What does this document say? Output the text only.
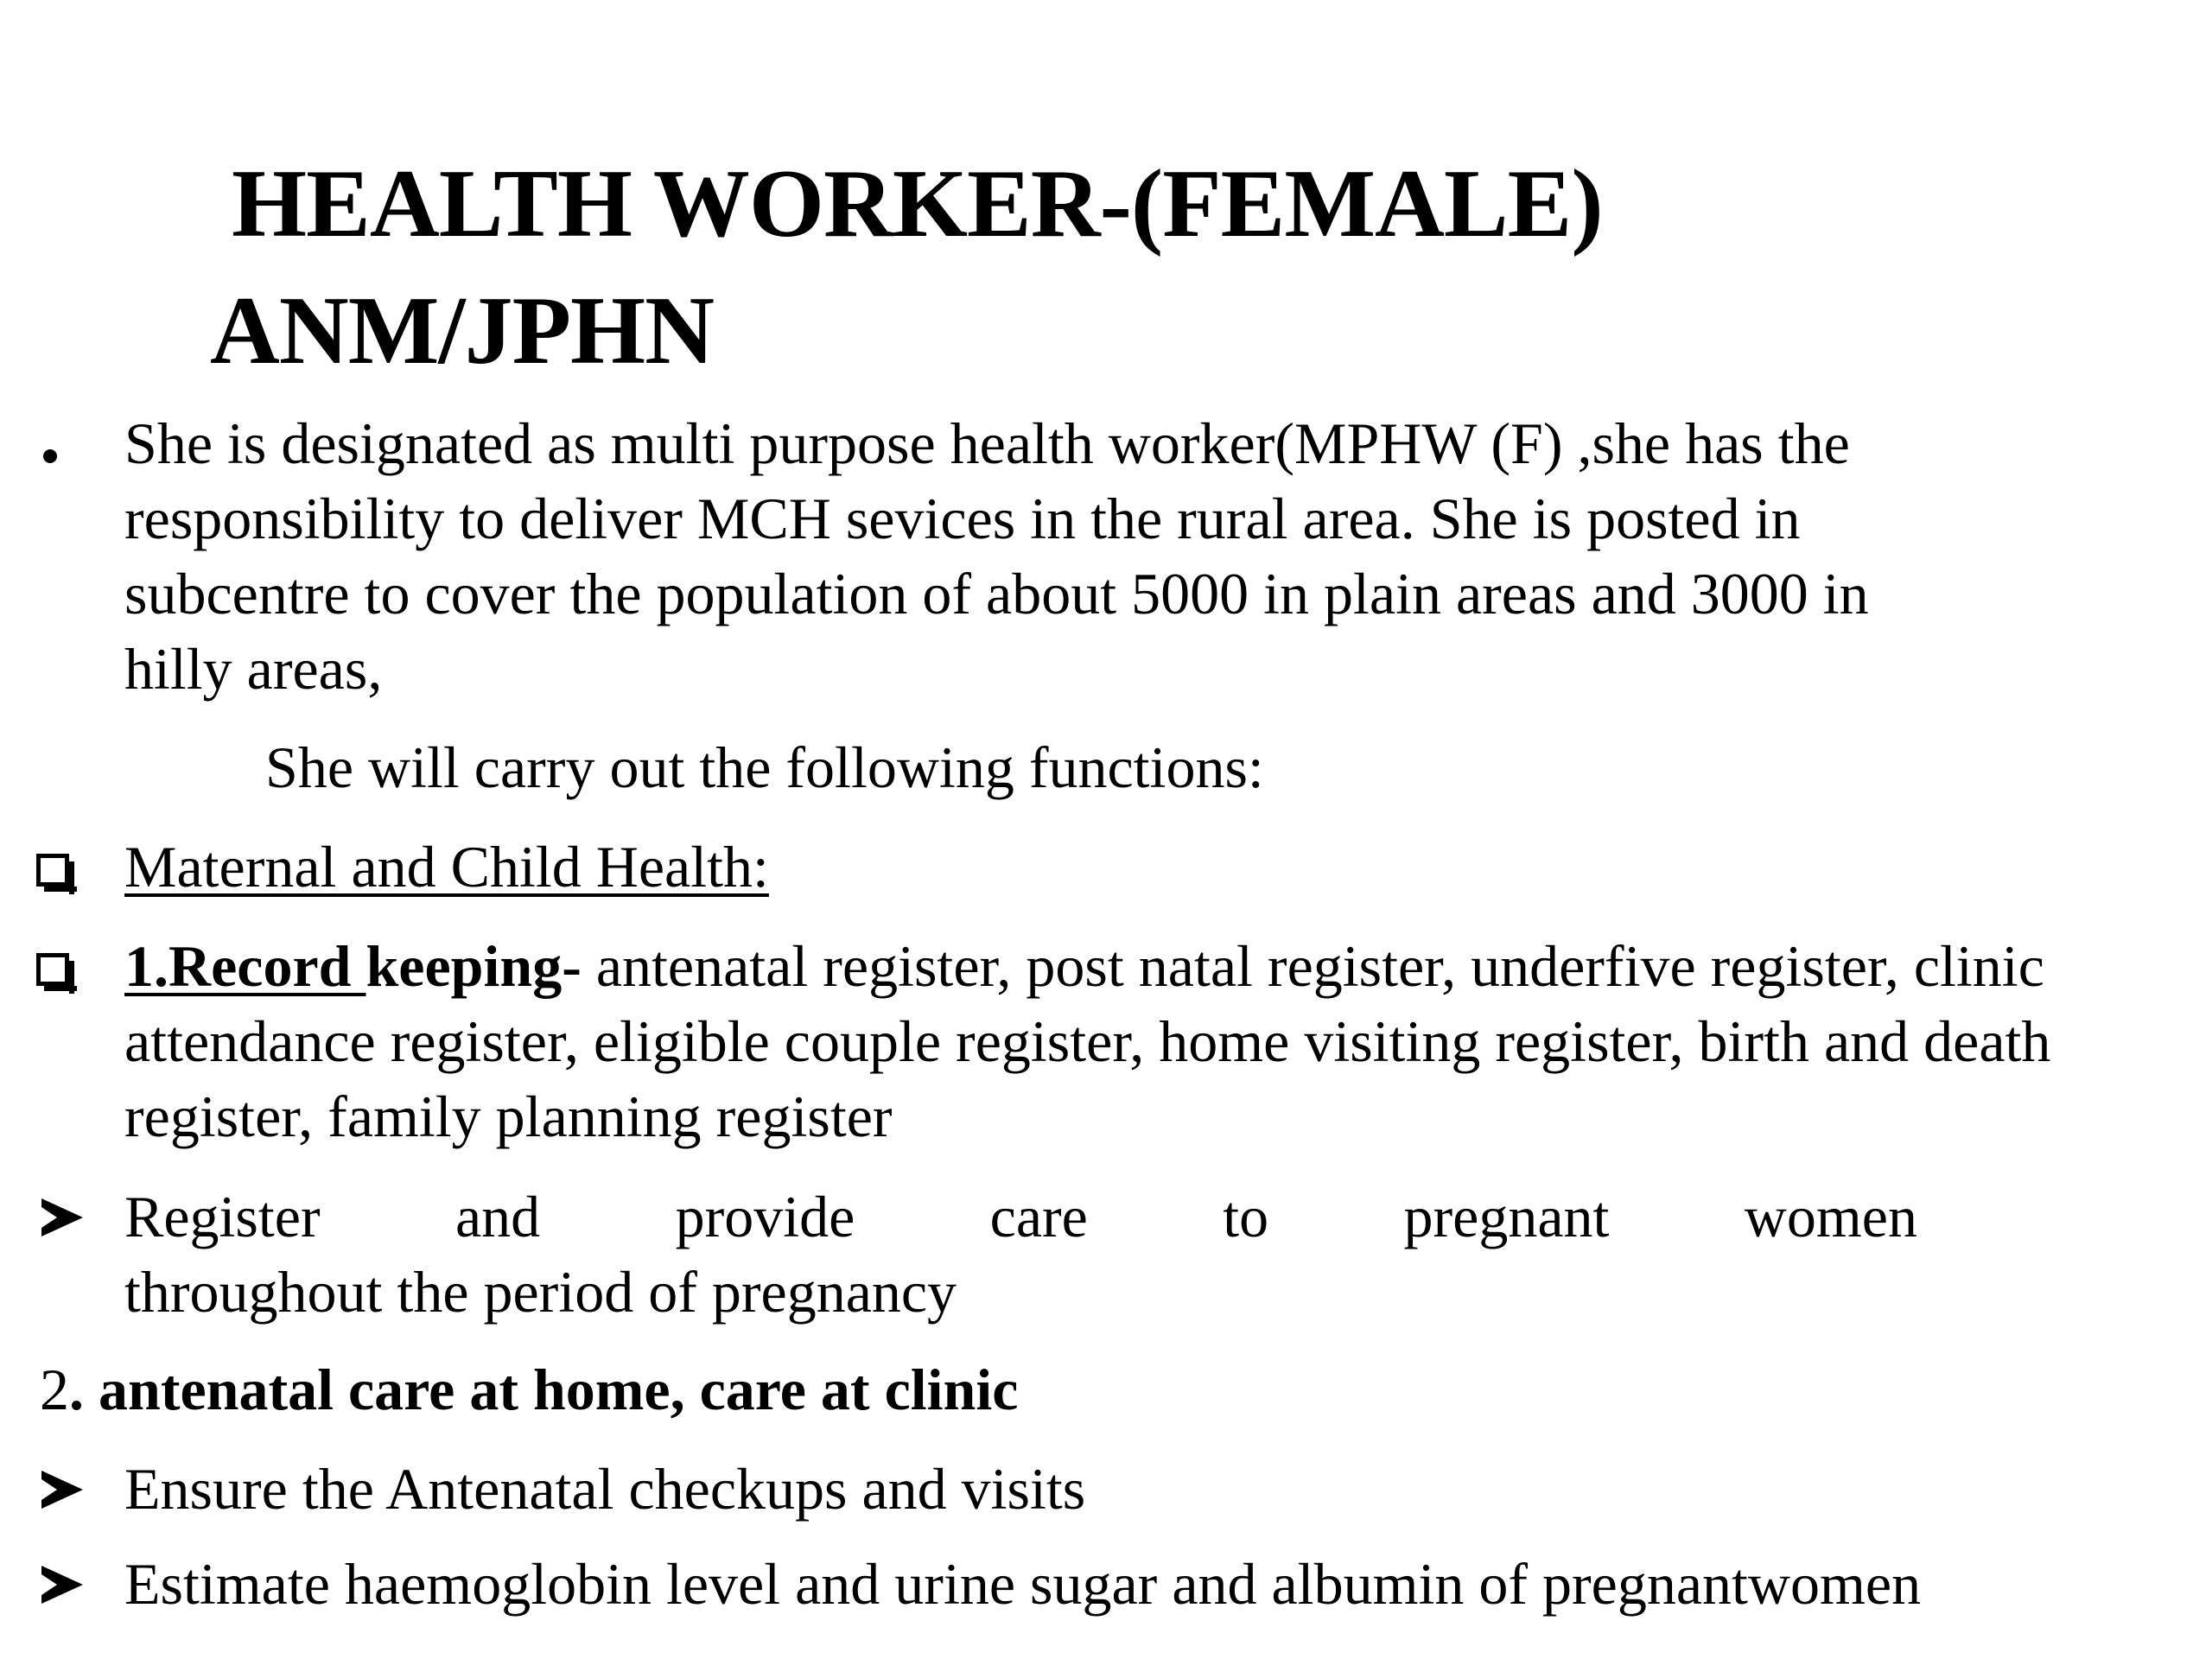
HEALTH WORKER-(FEMALE)
ANM/JPHN
She is designated as multi purpose health worker(MPHW (F) ,she has the
responsibility to deliver MCH sevices in the rural area. She is posted in
subcentre to cover the population of about 5000 in plain areas and 3000 in
hilly areas,
She will carry out the following functions:
Maternal and Child Health:
1.Record keeping- antenatal register, post natal register, underfive register, clinic
attendance register, eligible couple register, home visiting register, birth and death
register, family planning register
Register and provide care to pregnant women
throughout the period of pregnancy
2. antenatal care at home, care at clinic
Ensure the Antenatal checkups and visits
Estimate haemoglobin level and urine sugar and albumin of pregnantwomen
